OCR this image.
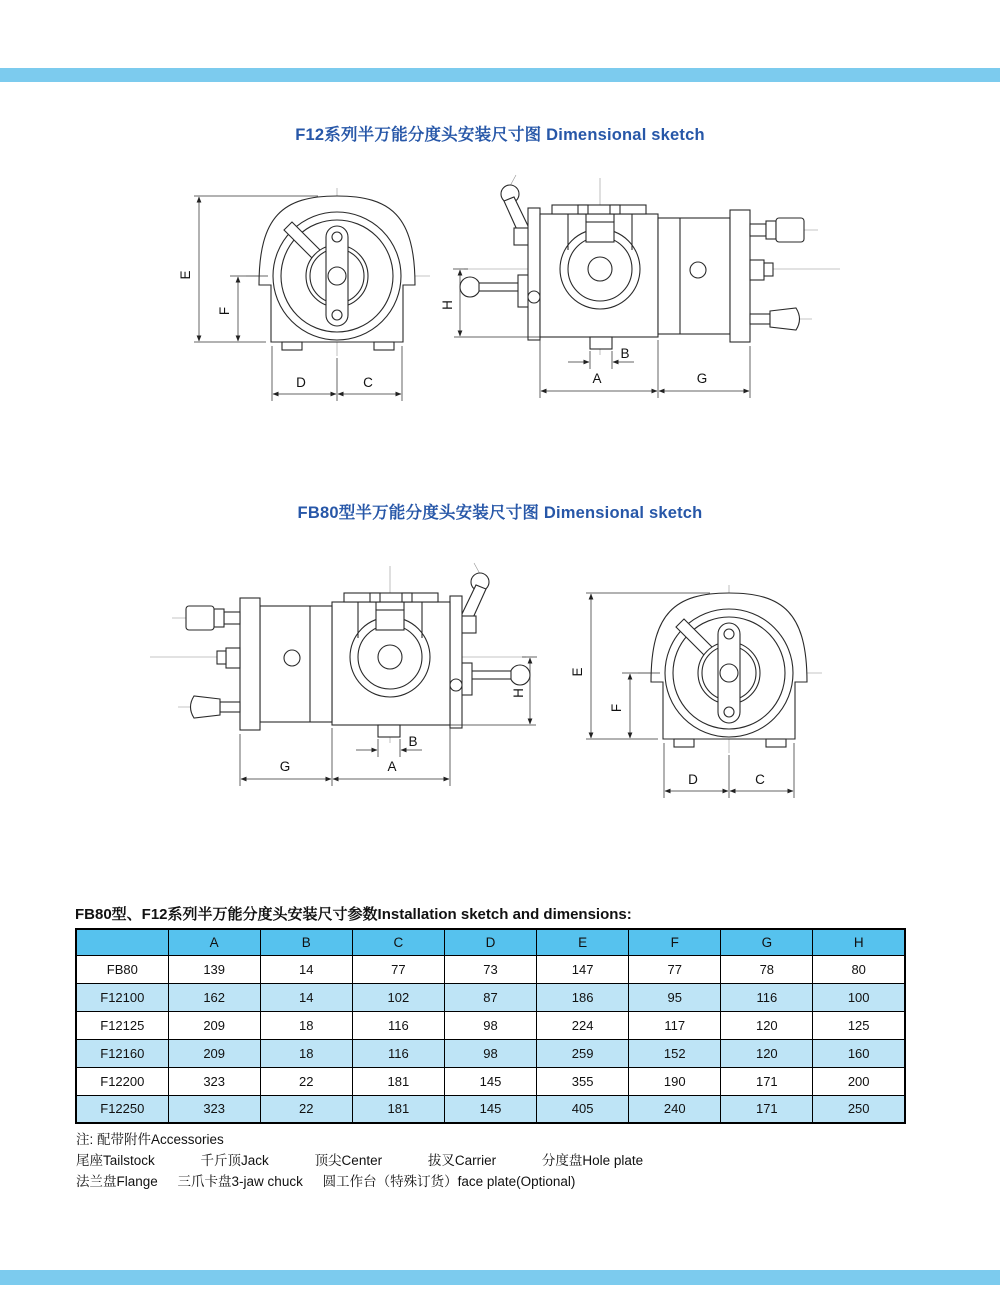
F12系列半万能分度头安装尺寸图 Dimensional sketch
E
F
D	C
H
B
A	G
FB80型半万能分度头安装尺寸图 Dimensional sketch
H
B
G	A
E
F
D	C
FB80型、F12系列半万能分度头安装尺寸参数Installation sketch and dimensions:
	A	B	C	D	E	F	G	H
FB80	139	14	77	73	147	77	78	80
F12100	162	14	102	87	186	95	116	100
F12125	209	18	116	98	224	117	120	125
F12160	209	18	116	98	259	152	120	160
F12200	323	22	181	145	355	190	171	200
F12250	323	22	181	145	405	240	171	250
注: 配带附件Accessories
尾座Tailstock	千斤顶Jack	顶尖Center	拔叉Carrier	分度盘Hole plate
法兰盘Flange 三爪卡盘3-jaw chuck 圆工作台（特殊订货）face plate(Optional)
